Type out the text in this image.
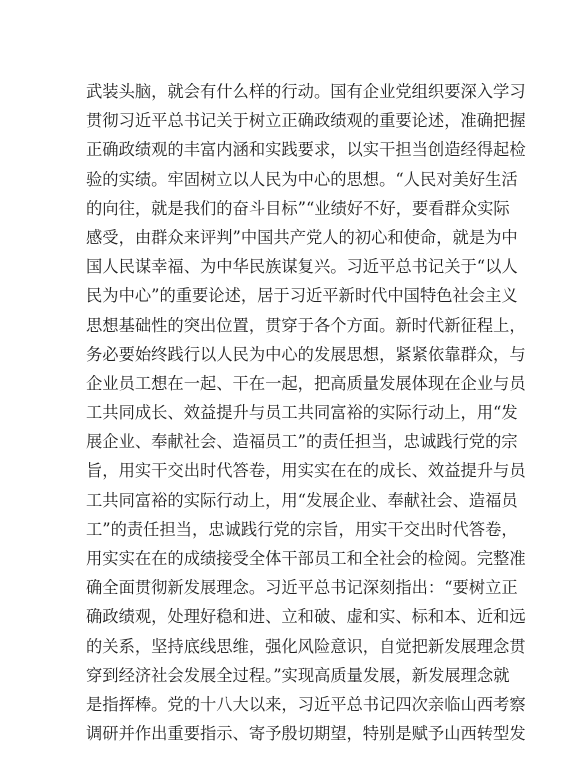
武装头脑，就会有什么样的行动。国有企业党组织要深入学习
贯彻习近平总书记关于树立正确政绩观的重要论述，准确把握
正确政绩观的丰富内涵和实践要求，以实干担当创造经得起检
验的实绩。牢固树立以人民为中心的思想。“人民对美好生活
的向往，就是我们的奋斗目标”“业绩好不好，要看群众实际
感受，由群众来评判”中国共产党人的初心和使命，就是为中
国人民谋幸福、为中华民族谋复兴。习近平总书记关于“以人
民为中心”的重要论述，居于习近平新时代中国特色社会主义
思想基础性的突出位置，贯穿于各个方面。新时代新征程上，
务必要始终践行以人民为中心的发展思想，紧紧依靠群众，与
企业员工想在一起、干在一起，把高质量发展体现在企业与员
工共同成长、效益提升与员工共同富裕的实际行动上，用“发
展企业、奉献社会、造福员工”的责任担当，忠诚践行党的宗
旨，用实干交出时代答卷，用实实在在的成长、效益提升与员
工共同富裕的实际行动上，用“发展企业、奉献社会、造福员
工”的责任担当，忠诚践行党的宗旨，用实干交出时代答卷，
用实实在在的成绩接受全体干部员工和全社会的检阅。完整准
确全面贯彻新发展理念。习近平总书记深刻指出：“要树立正
确政绩观，处理好稳和进、立和破、虚和实、标和本、近和远
的关系，坚持底线思维，强化风险意识，自觉把新发展理念贯
穿到经济社会发展全过程。”实现高质量发展，新发展理念就
是指挥棒。党的十八大以来，习近平总书记四次亲临山西考察
调研并作出重要指示、寄予殷切期望，特别是赋予山西转型发
